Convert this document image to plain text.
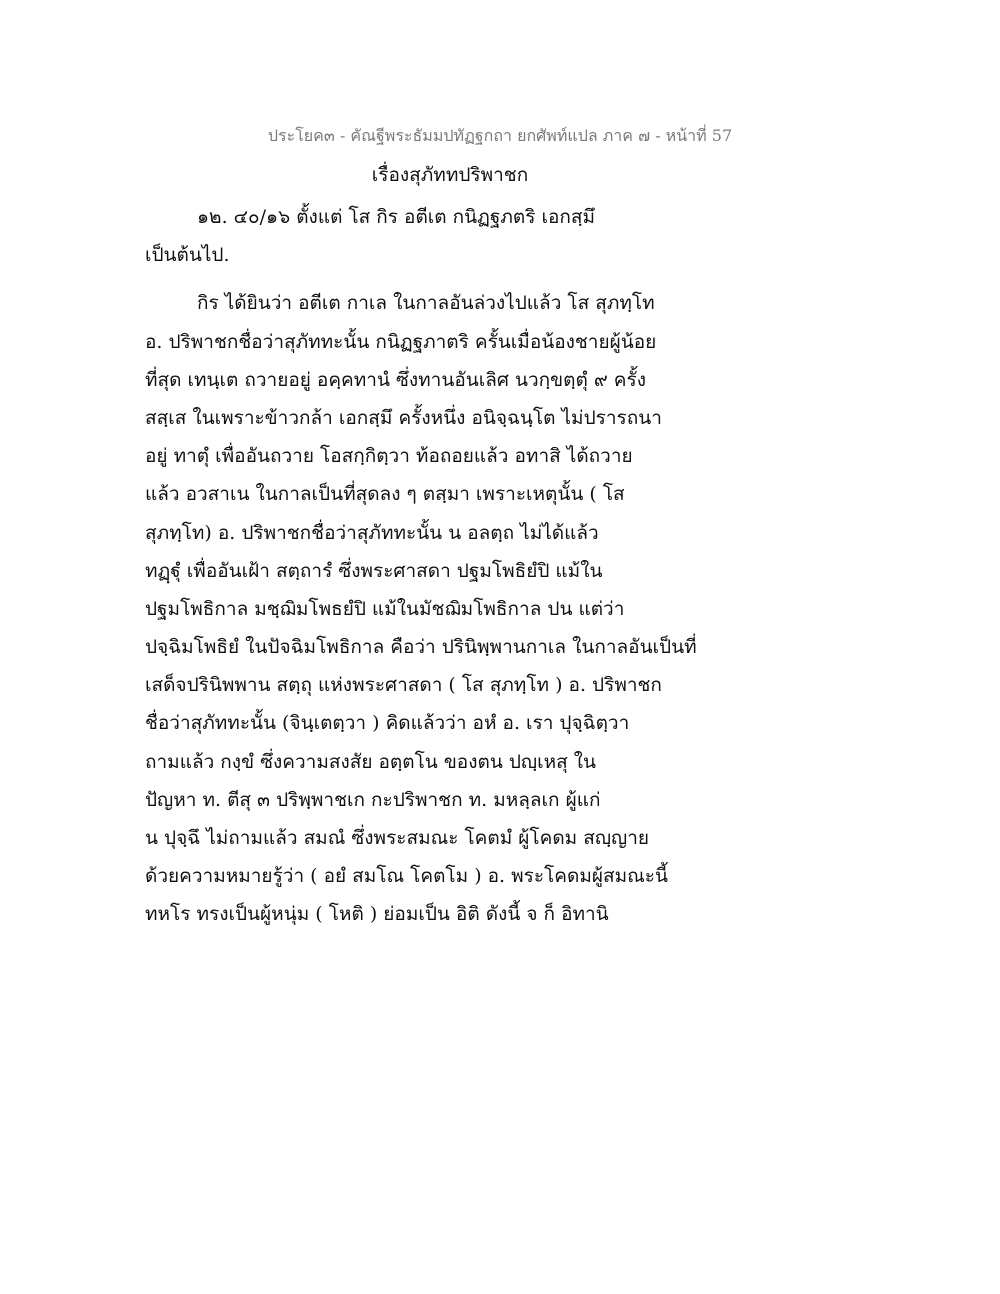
ประโยค๓ - คัณฐีพระธัมมปทัฏฐกถา ยกศัพท์แปล ภาค ๗ - หน้าที่ 57
เรื่องสุภัททปริพาชก
๑๒. ๔๐/๑๖ ตั้งแต่ โส กิร อตีเต กนิฏฐภตริ เอกสฺมึ
เป็นต้นไป.
กิร ได้ยินว่า อตีเต กาเล ในกาลอันล่วงไปแล้ว โส สุภทฺโท
อ. ปริพาชกชื่อว่าสุภัททะนั้น กนิฏฐภาตริ ครั้นเมื่อน้องชายผู้น้อย
ที่สุด เทนฺเต ถวายอยู่ อคฺคทานํ ซึ่งทานอันเลิศ นวกฺขตฺตุํ ๙ ครั้ง
สสฺเส ในเพราะข้าวกล้า เอกสฺมึ ครั้งหนึ่ง อนิจฺฉนฺโต ไม่ปรารถนา
อยู่ ทาตุํ เพื่ออันถวาย โอสกฺกิตฺวา ท้อถอยแล้ว อทาสิ ได้ถวาย
แล้ว อวสาเน ในกาลเป็นที่สุดลง ๆ ตสฺมา เพราะเหตุนั้น ( โส
สุภทฺโท) อ. ปริพาชกชื่อว่าสุภัททะนั้น น อลตฺถ ไม่ได้แล้ว
ทฏฺฐุํ เพื่ออันเฝ้า สตฺถารํ ซึ่งพระศาสดา ปฐมโพธิยํปิ แม้ใน
ปฐมโพธิกาล มชฺฌิมโพธยํปิ แม้ในมัชฌิมโพธิกาล ปน แต่ว่า
ปจฺฉิมโพธิยํ ในปัจฉิมโพธิกาล คือว่า ปรินิพฺพานกาเล ในกาลอันเป็นที่
เสด็จปรินิพพาน สตฺถุ แห่งพระศาสดา ( โส สุภทฺโท ) อ. ปริพาชก
ชื่อว่าสุภัททะนั้น (จินฺเตตฺวา ) คิดแล้วว่า อหํ อ. เรา ปุจฺฉิตฺวา
ถามแล้ว กงฺขํ ซึ่งความสงสัย อตฺตโน ของตน ปญฺเหสุ ใน
ปัญหา ท. ตีสุ ๓ ปริพฺพาชเก กะปริพาชก ท. มหลฺลเก ผู้แก่
น ปุจฺฉึ ไม่ถามแล้ว สมณํ ซึ่งพระสมณะ โคตมํ ผู้โคดม สญฺญาย
ด้วยความหมายรู้ว่า ( อยํ สมโณ โคตโม ) อ. พระโคดมผู้สมณะนี้
ทหโร ทรงเป็นผู้หนุ่ม ( โหติ ) ย่อมเป็น อิติ ดังนี้ จ ก็ อิทานิ
